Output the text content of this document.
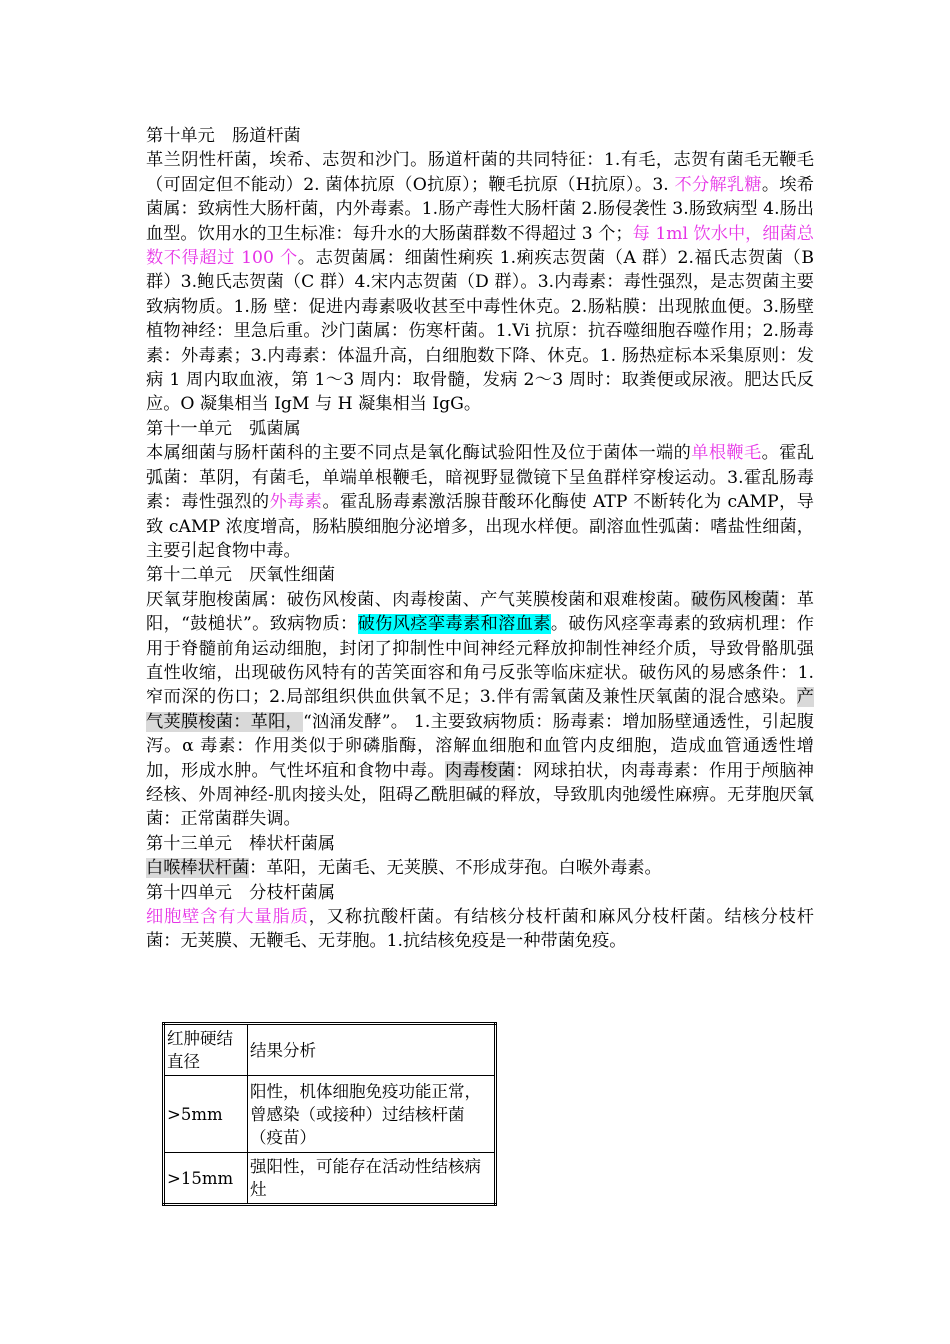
第十单元　肠道杆菌

革兰阴性杆菌，埃希、志贺和沙门。肠道杆菌的共同特征：1.有毛，志贺有菌毛无鞭毛（可固定但不能动）2. 菌体抗原（O抗原）；鞭毛抗原（H抗原）。3. 不分解乳糖。埃希菌属：致病性大肠杆菌，内外毒素。1.肠产毒性大肠杆菌 2.肠侵袭性 3.肠致病型 4.肠出血型。饮用水的卫生标准：每升水的大肠菌群数不得超过 3 个；每 1ml 饮水中，细菌总数不得超过 100 个。志贺菌属：细菌性痢疾 1.痢疾志贺菌（A 群）2.福氏志贺菌（B 群）3.鲍氏志贺菌（C 群）4.宋内志贺菌（D 群）。3.内毒素：毒性强烈，是志贺菌主要致病物质。1.肠 壁：促进内毒素吸收甚至中毒性休克。2.肠粘膜：出现脓血便。3.肠壁植物神经：里急后重。沙门菌属：伤寒杆菌。1.Vi 抗原：抗吞噬细胞吞噬作用；2.肠毒素：外毒素；3.内毒素：体温升高，白细胞数下降、休克。1. 肠热症标本采集原则：发病 1 周内取血液，第 1～3 周内：取骨髓，发病 2～3 周时：取粪便或尿液。肥达氏反应。O 凝集相当 IgM 与 H 凝集相当 IgG。

第十一单元　弧菌属

本属细菌与肠杆菌科的主要不同点是氧化酶试验阳性及位于菌体一端的单根鞭毛。霍乱弧菌：革阴，有菌毛，单端单根鞭毛，暗视野显微镜下呈鱼群样穿梭运动。3.霍乱肠毒素：毒性强烈的外毒素。霍乱肠毒素激活腺苷酸环化酶使 ATP 不断转化为 cAMP，导致 cAMP 浓度增高，肠粘膜细胞分泌增多，出现水样便。副溶血性弧菌：嗜盐性细菌，主要引起食物中毒。

第十二单元　厌氧性细菌

厌氧芽胞梭菌属：破伤风梭菌、肉毒梭菌、产气荚膜梭菌和艰难梭菌。破伤风梭菌：革阳，“鼓槌状”。致病物质：破伤风痉挛毒素和溶血素。破伤风痉挛毒素的致病机理：作用于脊髓前角运动细胞，封闭了抑制性中间神经元释放抑制性神经介质，导致骨骼肌强直性收缩，出现破伤风特有的苦笑面容和角弓反张等临床症状。破伤风的易感条件：1.窄而深的伤口；2.局部组织供血供氧不足；3.伴有需氧菌及兼性厌氧菌的混合感染。产气荚膜梭菌：革阳，“汹涌发酵”。 1.主要致病物质：肠毒素：增加肠壁通透性，引起腹泻。α 毒素：作用类似于卵磷脂酶，溶解血细胞和血管内皮细胞，造成血管通透性增加，形成水肿。气性坏疽和食物中毒。肉毒梭菌：网球拍状，肉毒毒素：作用于颅脑神经核、外周神经-肌肉接头处，阻碍乙酰胆碱的释放，导致肌肉弛缓性麻痹。无芽胞厌氧菌：正常菌群失调。

第十三单元　棒状杆菌属

白喉棒状杆菌：革阳，无菌毛、无荚膜、不形成芽孢。白喉外毒素。

第十四单元　分枝杆菌属

细胞壁含有大量脂质，又称抗酸杆菌。有结核分枝杆菌和麻风分枝杆菌。结核分枝杆菌：无荚膜、无鞭毛、无芽胞。1.抗结核免疫是一种带菌免疫。

红肿硬结直径	结果分析
>5mm	阳性，机体细胞免疫功能正常，曾感染（或接种）过结核杆菌（疫苗）
>15mm	强阳性，可能存在活动性结核病灶
